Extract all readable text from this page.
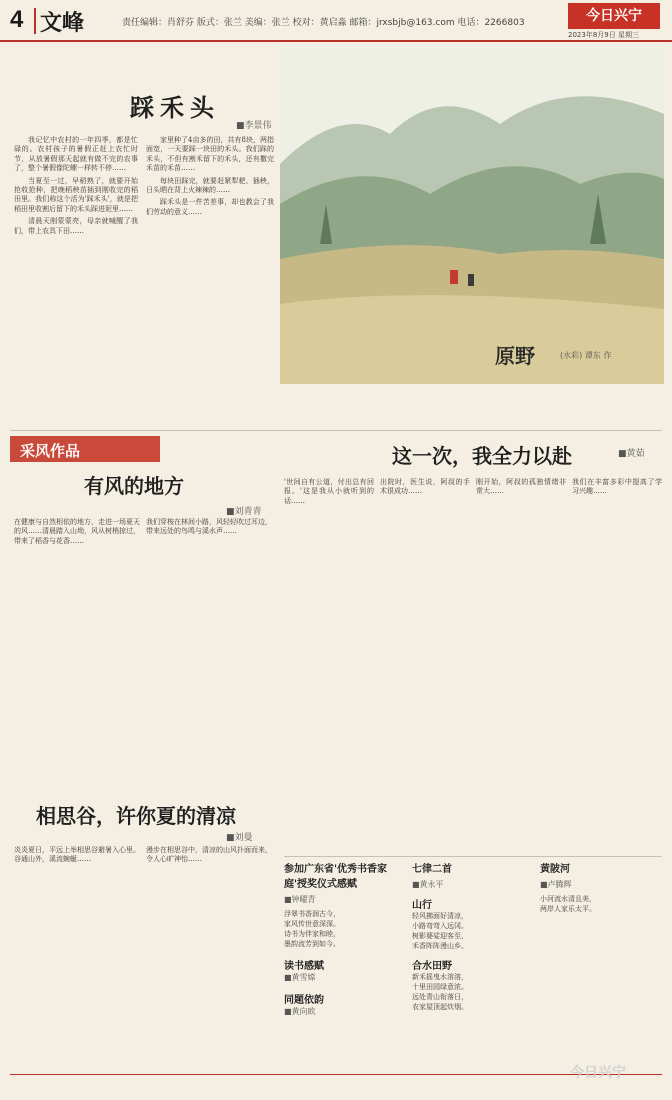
4 文峰	责任编辑：肖舒芬 版式：张兰 美编：张兰 校对：黄启淼 邮箱：jrxsbjb@163.com 电话：2266803	今日兴宁
2023年8月9日 星期三
原野	(水彩) 谭东 作
踩禾头
■李景伟

我记忆中农村的一年四季，都是忙碌的。农村孩子的暑假正赶上农忙时节，从放暑假那天起就有做不完的农事了，整个暑假像陀螺一样转不停……

当夏至一过，早稻熟了，就要开始抢收抢种，把晚稻秧苗插到刚收完的稻田里。我们称这个活为'踩禾头'，就是把稻田里收割后留下的禾头踩进泥里……

清晨天刚蒙蒙亮，母亲就喊醒了我们，带上农具下田……

家里种了4亩多的田，共有8块，两指面宽，一天要踩一块田的禾头。我们踩的禾头，不但有割禾留下的禾头，还有撒完禾苗的禾苗……

每块田踩完，就要赶紧犁耙、插秧，日头晒在背上火辣辣的……

踩禾头是一件苦差事，却也教会了我们劳动的意义……

采风作品
有风的地方
■刘青青
在健康与自然相依的地方，走进一场夏天的风……清晨踏入山坳，风从树梢掠过，带来了稻香与花香……
我们穿梭在林间小路，风轻轻吹过耳边，带来远处的鸟鸣与溪水声……
相思谷，许你夏的清凉
■刘曼
炎炎夏日，平远上举相思谷避暑入心里。谷通山外，溪流蜿蜒……
漫步在相思谷中，清凉的山风扑面而来，令人心旷神怡……
这一次，我全力以赴	■黄茹
'世间自有公道，付出总有回报。'这是我从小就听到的话……
出院时，医生说，阿叔的手术很成功……
刚开始，阿叔的孤独情绪非常大……
我们在丰富多彩中提高了学习兴趣……
参加广东省'优秀书香家庭'授奖仪式感赋
■钟曜青
浮翠书香润古今，
家风传世意深深。
诗书为伴家和睦，
墨韵流芳到如今。
读书感赋
■黄雪嫦
同题依韵
■黄向欧
七律二首
■黄永平
山行
轻风拂面好清凉，
小路弯弯入远冈。
树影婆娑迎客至，
禾香阵阵漫山乡。
合水田野
新禾摇曳水溶溶，
十里田园绿意浓。
远处青山衔落日，
农家屋顶起炊烟。
黄陂河
■卢腾辉
小河流水清且美，
两岸人家乐太平。
今日兴宁
